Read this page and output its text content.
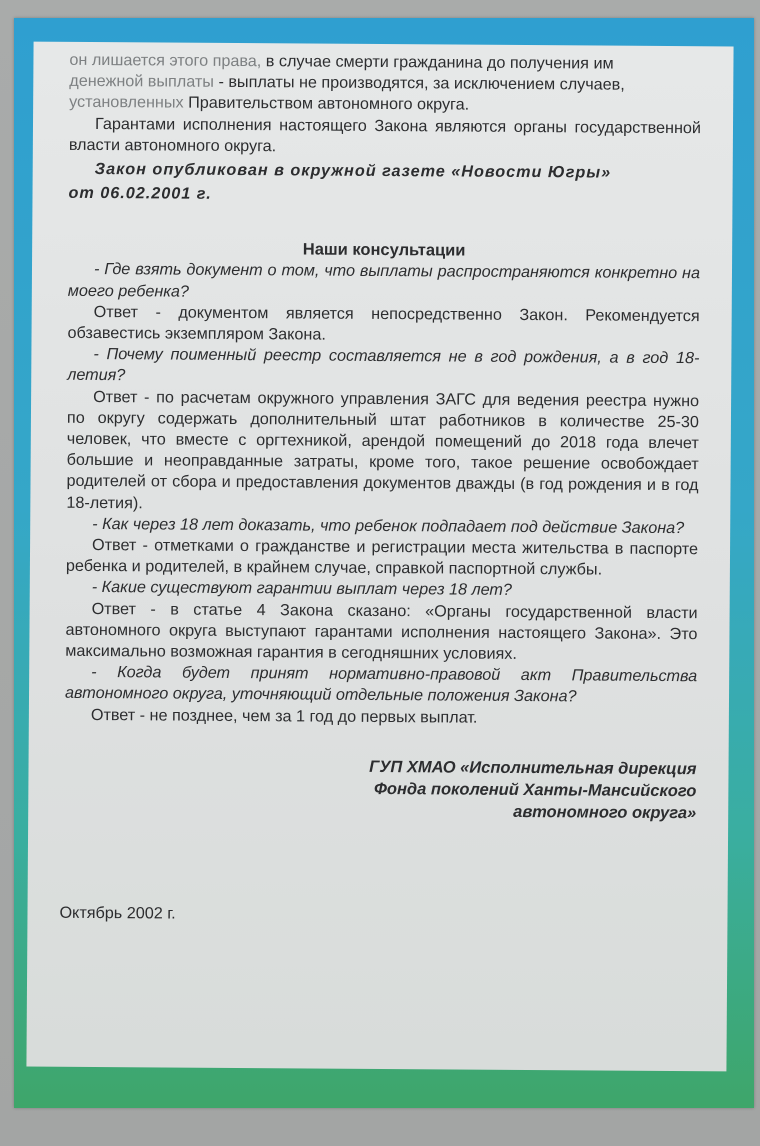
он лишается этого права, в случае смерти гражданина до получения им

денежной выплаты - выплаты не производятся, за исключением случаев,

установленных Правительством автономного округа.

Гарантами исполнения настоящего Закона являются органы государственной власти автономного округа.

Закон опубликован в окружной газете «Новости Югры»

от 06.02.2001 г.

Наши консультации

- Где взять документ о том, что выплаты распространяются конкретно на моего ребенка?

Ответ - документом является непосредственно Закон. Рекомендуется обзавестись экземпляром Закона.

- Почему поименный реестр составляется не в год рождения, а в год 18-летия?

Ответ - по расчетам окружного управления ЗАГС для ведения реестра нужно по округу содержать дополнительный штат работников в количестве 25-30 человек, что вместе с оргтехникой, арендой помещений до 2018 года влечет большие и неоправданные затраты, кроме того, такое решение освобождает родителей от сбора и предоставления документов дважды (в год рождения и в год 18-летия).

- Как через 18 лет доказать, что ребенок подпадает под действие Закона?

Ответ - отметками о гражданстве и регистрации места жительства в паспорте ребенка и родителей, в крайнем случае, справкой паспортной службы.

- Какие существуют гарантии выплат через 18 лет?

Ответ - в статье 4 Закона сказано: «Органы государственной власти автономного округа выступают гарантами исполнения настоящего Закона». Это максимально возможная гарантия в сегодняшних условиях.

- Когда будет принят нормативно-правовой акт Правительства автономного округа, уточняющий отдельные положения Закона?

Ответ - не позднее, чем за 1 год до первых выплат.

ГУП ХМАО «Исполнительная дирекция
Фонда поколений Ханты-Мансийского
автономного округа»
Октябрь 2002 г.
